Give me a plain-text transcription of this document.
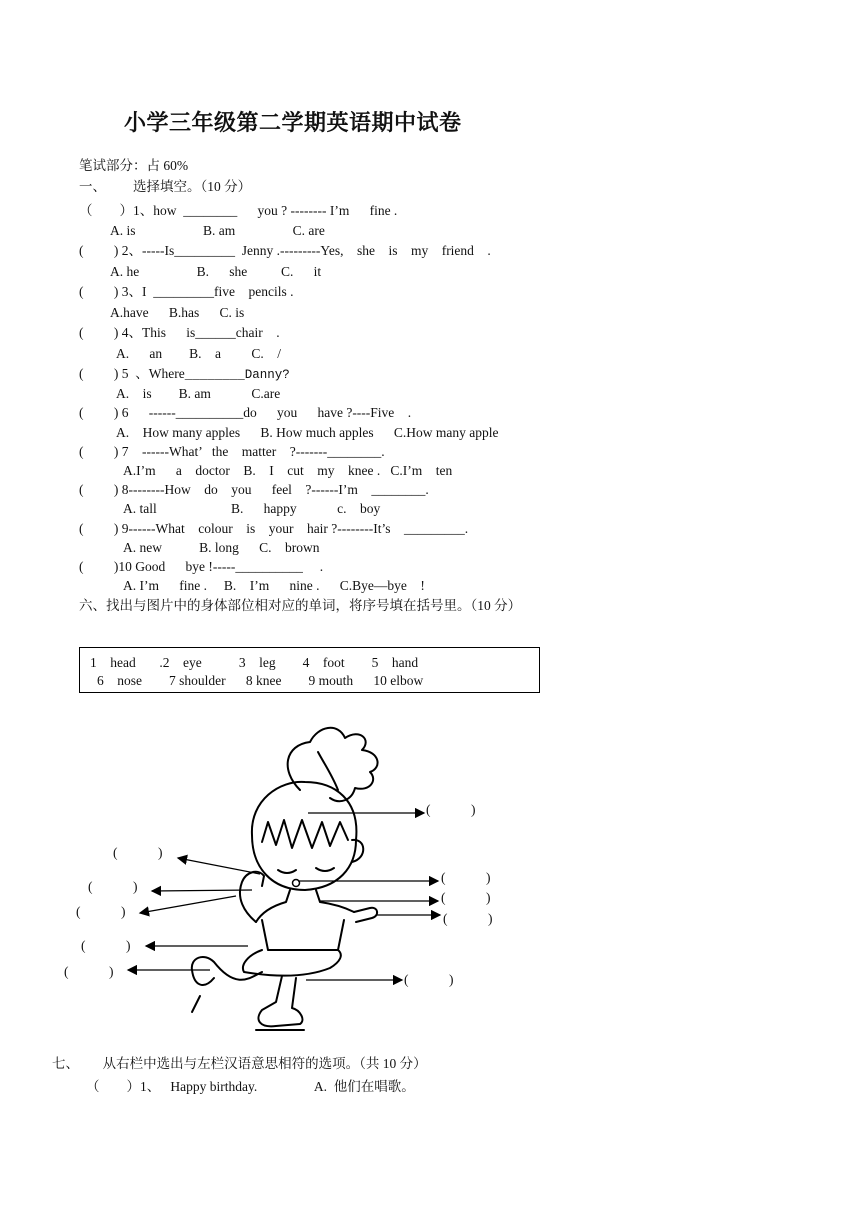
小学三年级第二学期英语期中试卷
笔试部分：占 60%
一、        选择填空。（10 分）
（        ）1、how  ________      you ? -------- I’m      fine .
A. is                    B. am                 C. are
(         ) 2、-----Is_________  Jenny .---------Yes,    she    is    my    friend    .
A. he                 B.      she          C.      it
(         ) 3、I  _________five    pencils .
A.have      B.has      C. is
(         ) 4、This      is______chair    .
A.      an        B.    a         C.    /
(         ) 5  、Where________Danny?
A.    is        B. am            C.are
(         ) 6      ------__________do      you      have ?----Five    .
A.    How many apples      B. How much apples      C.How many apple
(         ) 7    ------What’   the    matter    ?-------________.
A.I’m      a    doctor    B.    I    cut    my    knee .   C.I’m    ten
(         ) 8--------How    do    you      feel    ?------I’m    ________.
A. tall                      B.      happy            c.    boy
(         ) 9------What    colour    is    your    hair ?--------It’s    _________.
A. new           B. long      C.    brown
(         )10 Good      bye !-----__________     .
A. I’m      fine .     B.    I’m      nine .      C.Bye—bye    !
六、找出与图片中的身体部位相对应的单词，将序号填在括号里。（10 分）
1    head       .2    eye           3    leg        4    foot        5    hand
6    nose        7 shoulder      8 knee        9 mouth      10 elbow
(            )
(            )
(            )
(            )
(            )
(            )	(            )
(            )
(            )
(            )
七、       从右栏中选出与左栏汉语意思相符的选项。（共 10 分）
（        ）1、   Happy birthday.                 A.  他们在唱歌。
